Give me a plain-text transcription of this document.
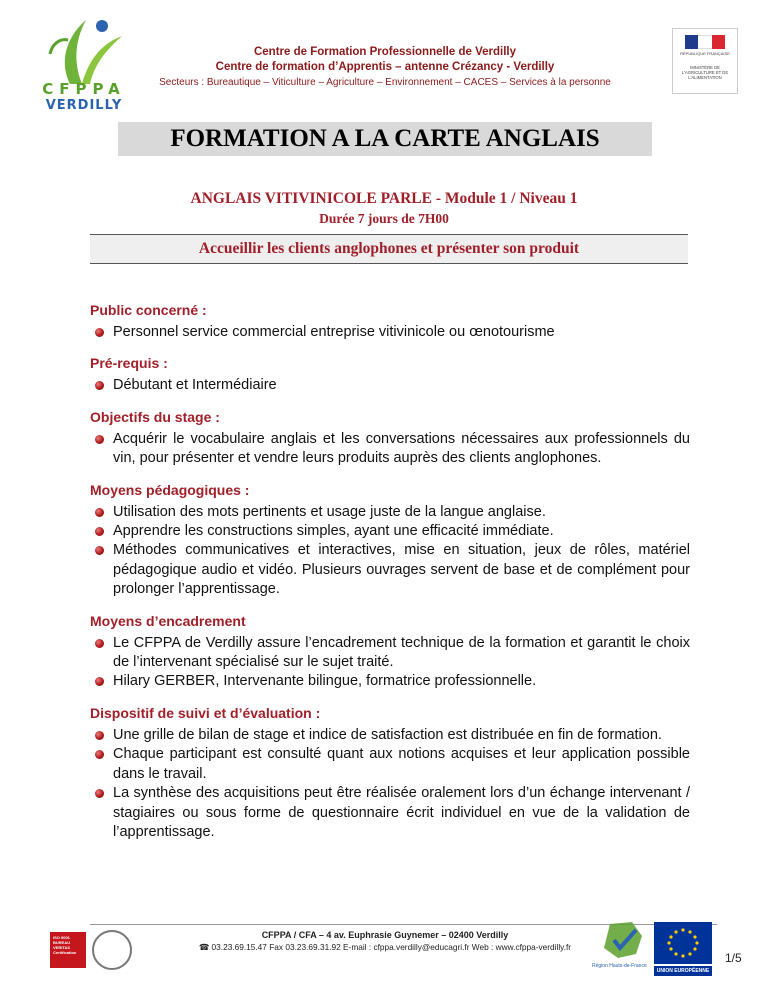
CFPPA
VERDILLY
Centre de Formation Professionnelle de Verdilly
Centre de formation d’Apprentis – antenne Crézancy - Verdilly
Secteurs : Bureautique – Viticulture – Agriculture – Environnement – CACES – Services à la personne
RÉPUBLIQUE FRANÇAISE
MINISTÈRE DE L'AGRICULTURE ET DE L'ALIMENTATION
FORMATION A LA CARTE ANGLAIS
ANGLAIS VITIVINICOLE PARLE - Module 1 / Niveau 1
Durée 7 jours de 7H00
Accueillir les clients anglophones et présenter son produit
Public concerné :
Personnel service commercial entreprise vitivinicole ou œnotourisme
Pré-requis :
Débutant et Intermédiaire
Objectifs du stage :
Acquérir le vocabulaire anglais et les conversations nécessaires aux professionnels du vin, pour présenter et vendre leurs produits auprès des clients anglophones.
Moyens pédagogiques :
Utilisation des mots pertinents et usage juste de la langue anglaise.
Apprendre les constructions simples, ayant une efficacité immédiate.
Méthodes communicatives et interactives, mise en situation, jeux de rôles, matériel pédagogique audio et vidéo. Plusieurs ouvrages servent de base et de complément pour prolonger l’apprentissage.
Moyens d’encadrement
Le CFPPA de Verdilly assure l’encadrement technique de la formation et garantit le choix de l’intervenant spécialisé sur le sujet traité.
Hilary GERBER, Intervenante bilingue, formatrice professionnelle.
Dispositif de suivi et d’évaluation :
Une grille de bilan de stage et indice de satisfaction est distribuée en fin de formation.
Chaque participant est consulté quant aux notions acquises et leur application possible dans le travail.
La synthèse des acquisitions peut être réalisée oralement lors d’un échange intervenant / stagiaires ou sous forme de questionnaire écrit individuel en vue de la validation de l’apprentissage.
ISO 9001 BUREAU VERITAS Certification
CFPPA / CFA – 4 av. Euphrasie Guynemer – 02400 Verdilly
☎ 03.23.69.15.47 Fax 03.23.69.31.92 E-mail : cfppa.verdilly@educagri.fr Web : www.cfppa-verdilly.fr
Région Hauts-de-France
UNION EUROPÉENNE
1/5
